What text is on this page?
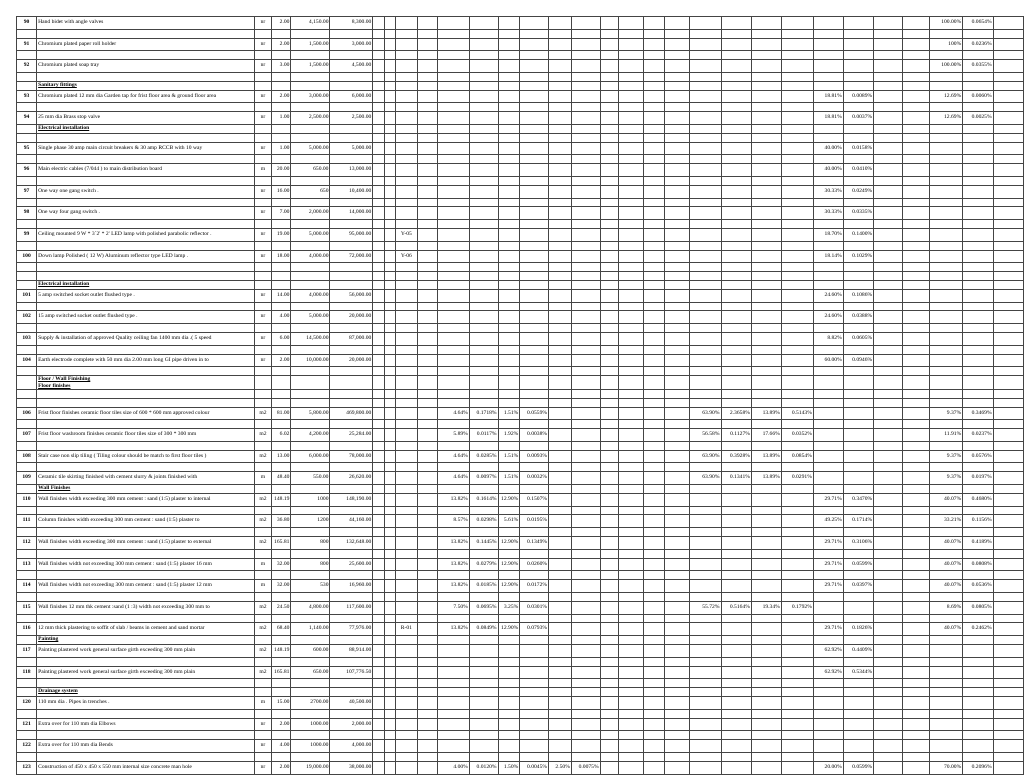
90	Hand bidet with angle valves	nr	2.00	4,150.00	8,300.00																							100.00%	0.0654%	

91	Chromium plated paper roll holder	nr	2.00	1,500.00	3,000.00																							100%	0.0236%	

92	Chromium plated soap tray	nr	3.00	1,500.00	4,500.00																							100.00%	0.0355%	

	Sanitary fittings																													

93	Chromium plated 12 mm dia Garden tap for frist floor area & ground floor area	nr	2.00	3,000.00	6,000.00																			18.81%	0.0089%			12.69%	0.0060%	

94	25 mm dia Brass stop valve	nr	1.00	2,500.00	2,500.00																			18.81%	0.0037%			12.69%	0.0025%	

	Electrical installation																													

95	Single phase 30 amp main circuit breakers & 30 amp RCCB with 10 way	nr	1.00	5,000.00	5,000.00																			40.00%	0.0158%					

96	Main electric cables (7/044 ) to main distribution board	m	20.00	650.00	13,000.00																			40.00%	0.0410%					

97	One way one gang switch .	nr	16.00	650	10,400.00																			30.33%	0.0249%					

98	One way four gang switch .	nr	7.00	2,000.00	14,000.00																			30.33%	0.0335%					

99	Ceiling mounted 9 W * 3´2' * 2' LED lamp with polished parabolic reflector .	nr	19.00	5,000.00	95,000.00			Y-05																18.70%	0.1400%					

100	Down lamp Polished ( 12 W) Aluminum reflector type LED lamp .	nr	18.00	4,000.00	72,000.00			Y-06																18.14%	0.1029%					

	Electrical installation																													

101	5 amp switched socket outlet flushed type .	nr	14.00	4,000.00	56,000.00																			24.60%	0.1086%					

102	15 amp switched socket outlet flushed type .	nr	4.00	5,000.00	20,000.00																			24.60%	0.0388%					

103	Supply & installation of approved Quality ceiling fan 1400 mm dia .( 5 speed	nr	6.00	14,500.00	87,000.00																			8.82%	0.0605%					

104	Earth electrode complete with 50 mm dia 2.00 mm long GI pipe driven in to	nr	2.00	10,000.00	20,000.00																			60.00%	0.0946%					

	Floor / Wall Finishing
Floor finishes																													

106	Frist floor finishes ceramic floor tiles size of 600 * 600 mm approved colour	m2	81.00	5,800.00	469,800.00					4.64%	0.1718%	1.51%	0.0559%							63.90%	2.3658%	13.89%	0.5143%					9.37%	0.3469%	

107	Frist floor washroom finishes ceramic floor tiles size of 300 * 300 mm	m2	6.02	4,200.00	25,284.00					5.89%	0.0117%	1.92%	0.0038%							56.58%	0.1127%	17.66%	0.0352%					11.91%	0.0237%	

108	Stair case non slip tiling ( Tiling colour should be match to first floor tiles )	m2	13.00	6,000.00	78,000.00					4.64%	0.0285%	1.51%	0.0093%							63.90%	0.3928%	13.89%	0.0854%					9.37%	0.0576%	

109	Ceramic tile skirting finished with cement slurry & joints finished with	m	48.40	550.00	26,620.00					4.64%	0.0097%	1.51%	0.0032%							63.90%	0.1341%	13.89%	0.0291%					9.37%	0.0197%	

	Wall Finishes																													

110	Wall finishes width exceeding 300 mm cement : sand (1:5) plaster to internal	m2	148.19	1000	148,190.00					13.82%	0.1614%	12.90%	0.1507%											29.71%	0.3470%			40.07%	0.4680%	

111	Column finishes width exceeding 300 mm cement : sand (1:5) plaster to	m2	36.80	1200	44,160.00					8.57%	0.0298%	5.61%	0.0195%											49.25%	0.1714%			33.21%	0.1156%	

112	Wall finishes width exceeding 300 mm cement : sand (1:5) plaster to external	m2	165.81	800	132,648.00					13.82%	0.1445%	12.90%	0.1349%											29.71%	0.3106%			40.07%	0.4189%	

113	Wall finishes width not exceeding 300 mm cement : sand (1:5) plaster 16 mm	m	32.00	800	25,600.00					13.82%	0.0279%	12.90%	0.0260%											29.71%	0.0599%			40.07%	0.0808%	

114	Wall finishes width not exceeding 300 mm cement : sand (1:5) plaster 12 mm	m	32.00	530	16,960.00					13.82%	0.0185%	12.90%	0.0172%											29.71%	0.0397%			40.07%	0.0536%	

115	Wall finishes 12 mm thk cement :sand (1 :3) width not exceeding 300 mm to	m2	24.50	4,800.00	117,600.00					7.50%	0.0695%	3.25%	0.0301%							55.72%	0.5164%	19.34%	0.1792%					8.69%	0.0805%	

116	12 mm thick plastering to soffit of slab / beams in cement and sand mortar	m2	68.40	1,140.00	77,976.00			R-01		13.82%	0.0849%	12.90%	0.0793%											29.71%	0.1826%			40.07%	0.2462%	

	Painting																													

117	Painting plastered work general surface girth exceeding 300 mm plain	m2	148.19	600.00	88,914.00																			62.92%	0.4409%					

118	Painting plastered work general surface girth exceeding 300 mm plain	m2	165.81	650.00	107,776.50																			62.92%	0.5344%					

	Drainage system																													

120	110 mm dia . Pipes in trenches .	m	15.00	2700.00	40,500.00																									

121	Extra over for 110 mm dia Elbows	nr	2.00	1000.00	2,000.00																									

122	Extra over for 110 mm dia Bends	nr	4.00	1000.00	4,000.00																									

123	Construction of 450 x 450 x 550 mm internal size concrete man hole	nr	2.00	19,000.00	38,000.00					4.00%	0.0120%	1.50%	0.0045%	2.50%	0.0075%									20.00%	0.0599%			70.00%	0.2096%	
